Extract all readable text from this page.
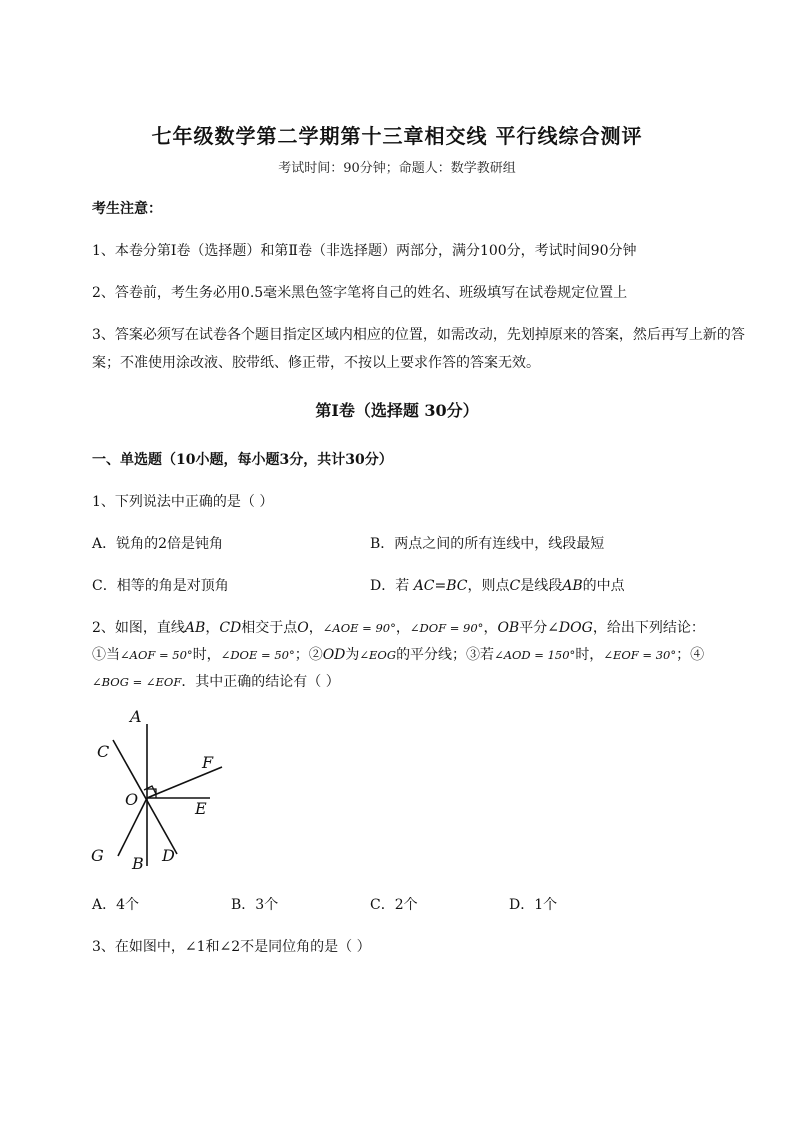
七年级数学第二学期第十三章相交线 平行线综合测评
考试时间：90分钟；命题人：数学教研组
考生注意：
1、本卷分第I卷（选择题）和第Ⅱ卷（非选择题）两部分，满分100分，考试时间90分钟
2、答卷前，考生务必用0.5毫米黑色签字笔将自己的姓名、班级填写在试卷规定位置上
3、答案必须写在试卷各个题目指定区域内相应的位置，如需改动，先划掉原来的答案，然后再写上新的答案；不准使用涂改液、胶带纸、修正带，不按以上要求作答的答案无效。
第I卷（选择题 30分）
一、单选题（10小题，每小题3分，共计30分）
1、下列说法中正确的是（ ）
A．锐角的2倍是钝角	B．两点之间的所有连线中，线段最短
C．相等的角是对顶角	D．若 AC=BC，则点C是线段AB的中点
2、如图，直线AB，CD相交于点O，∠AOE = 90°，∠DOF = 90°，OB平分∠DOG，给出下列结论：
①当∠AOF = 50°时，∠DOE = 50°；②OD为∠EOG的平分线；③若∠AOD = 150°时，∠EOF = 30°；④
∠BOG = ∠EOF．其中正确的结论有（ ）
A
B
C
D
E
F
G
O
A．4个	B．3个	C．2个	D．1个
3、在如图中，∠1和∠2不是同位角的是（ ）
